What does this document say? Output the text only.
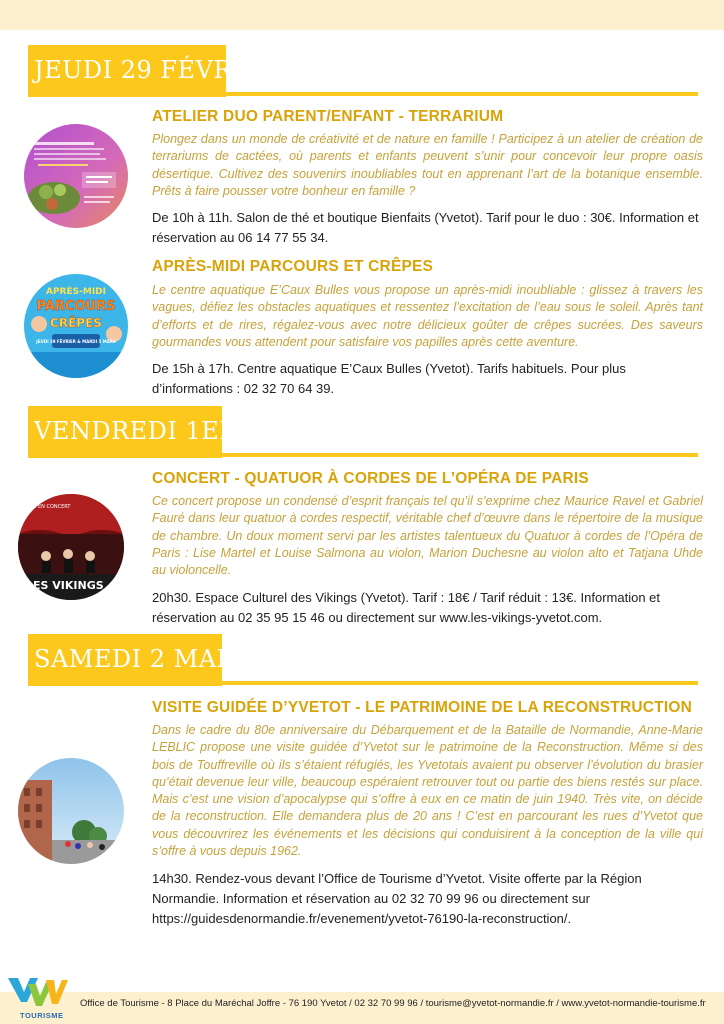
JEUDI 29 FÉVRIER
ATELIER DUO PARENT/ENFANT - TERRARIUM
Plongez dans un monde de créativité et de nature en famille ! Participez à un atelier de création de terrariums de cactées, où parents et enfants peuvent s’unir pour concevoir leur propre oasis désertique. Cultivez des souvenirs inoubliables tout en apprenant l’art de la botanique ensemble. Prêts à faire pousser votre bonheur en famille ?
De 10h à 11h. Salon de thé et boutique Bienfaits (Yvetot). Tarif pour le duo : 30€. Information et réservation au 06 14 77 55 34.
APRÈS-MIDI
PARCOURS
CRÊPES
JEUDI 29 FÉVRIER & MARDI 5 MARS
APRÈS-MIDI PARCOURS ET CRÊPES
Le centre aquatique E’Caux Bulles vous propose un après-midi inoubliable : glissez à travers les vagues, défiez les obstacles aquatiques et ressentez l’excitation de l’eau sous le soleil. Après tant d’efforts et de rires, régalez-vous avec notre délicieux goûter de crêpes sucrées. Des saveurs gourmandes vous attendent pour satisfaire vos papilles après cette aventure.
De 15h à 17h. Centre aquatique E’Caux Bulles (Yvetot). Tarifs habituels. Pour plus d’informations : 02 32 70 64 39.
VENDREDI 1ER MARS
EN CONCERT
LES VIKINGS
CONCERT - QUATUOR À CORDES DE L’OPÉRA DE PARIS
Ce concert propose un condensé d’esprit français tel qu’il s’exprime chez Maurice Ravel et Gabriel Fauré dans leur quatuor à cordes respectif, véritable chef d’œuvre dans le répertoire de la musique de chambre. Un doux moment servi par les artistes talentueux du Quatuor à cordes de l’Opéra de Paris : Lise Martel et Louise Salmona au violon, Marion Duchesne au violon alto et Tatjana Uhde au violoncelle.
20h30. Espace Culturel des Vikings (Yvetot). Tarif : 18€ / Tarif réduit : 13€. Information et réservation au 02 35 95 15 46 ou directement sur www.les-vikings-yvetot.com.
SAMEDI 2 MARS
VISITE GUIDÉE D’YVETOT - LE PATRIMOINE DE LA RECONSTRUCTION
Dans le cadre du 80e anniversaire du Débarquement et de la Bataille de Normandie, Anne-Marie LEBLIC propose une visite guidée d’Yvetot sur le patrimoine de la Reconstruction. Même si des bois de Touffreville où ils s’étaient réfugiés, les Yvetotais avaient pu observer l’évolution du brasier qu’était devenue leur ville, beaucoup espéraient retrouver tout ou partie des biens restés sur place. Mais c’est une vision d’apocalypse qui s’offre à eux en ce matin de juin 1940. Très vite, on décide de la reconstruction. Elle demandera plus de 20 ans ! C’est en parcourant les rues d’Yvetot que vous découvrirez les événements et les décisions qui conduisirent à la conception de la ville qui s’offre à vous depuis 1962.
14h30. Rendez-vous devant l’Office de Tourisme d’Yvetot. Visite offerte par la Région Normandie. Information et réservation au 02 32 70 99 96 ou directement sur https://guidesdenormandie.fr/evenement/yvetot-76190-la-reconstruction/.
TOURISME
Office de Tourisme - 8 Place du Maréchal Joffre - 76 190 Yvetot / 02 32 70 99 96 / tourisme@yvetot-normandie.fr / www.yvetot-normandie-tourisme.fr
